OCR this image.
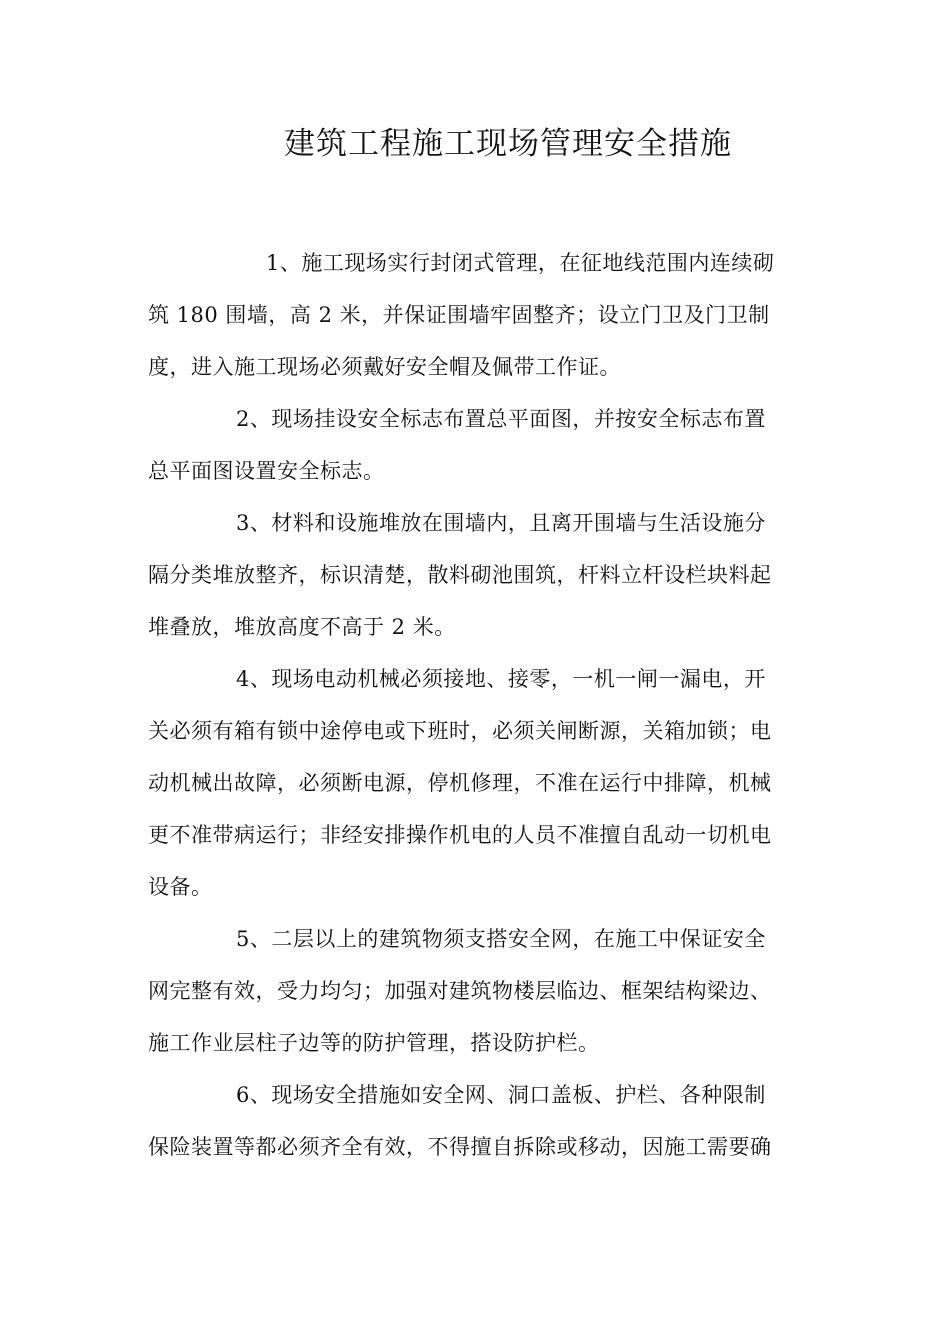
建筑工程施工现场管理安全措施
1、施工现场实行封闭式管理，在征地线范围内连续砌
筑 180 围墙，高 2 米，并保证围墙牢固整齐；设立门卫及门卫制
度，进入施工现场必须戴好安全帽及佩带工作证。
2、现场挂设安全标志布置总平面图，并按安全标志布置
总平面图设置安全标志。
3、材料和设施堆放在围墙内，且离开围墙与生活设施分
隔分类堆放整齐，标识清楚，散料砌池围筑，杆料立杆设栏块料起
堆叠放，堆放高度不高于 2 米。
4、现场电动机械必须接地、接零，一机一闸一漏电，开
关必须有箱有锁中途停电或下班时，必须关闸断源，关箱加锁；电
动机械出故障，必须断电源，停机修理，不准在运行中排障，机械
更不准带病运行；非经安排操作机电的人员不准擅自乱动一切机电
设备。
5、二层以上的建筑物须支搭安全网，在施工中保证安全
网完整有效，受力均匀；加强对建筑物楼层临边、框架结构梁边、
施工作业层柱子边等的防护管理，搭设防护栏。
6、现场安全措施如安全网、洞口盖板、护栏、各种限制
保险装置等都必须齐全有效，不得擅自拆除或移动，因施工需要确
